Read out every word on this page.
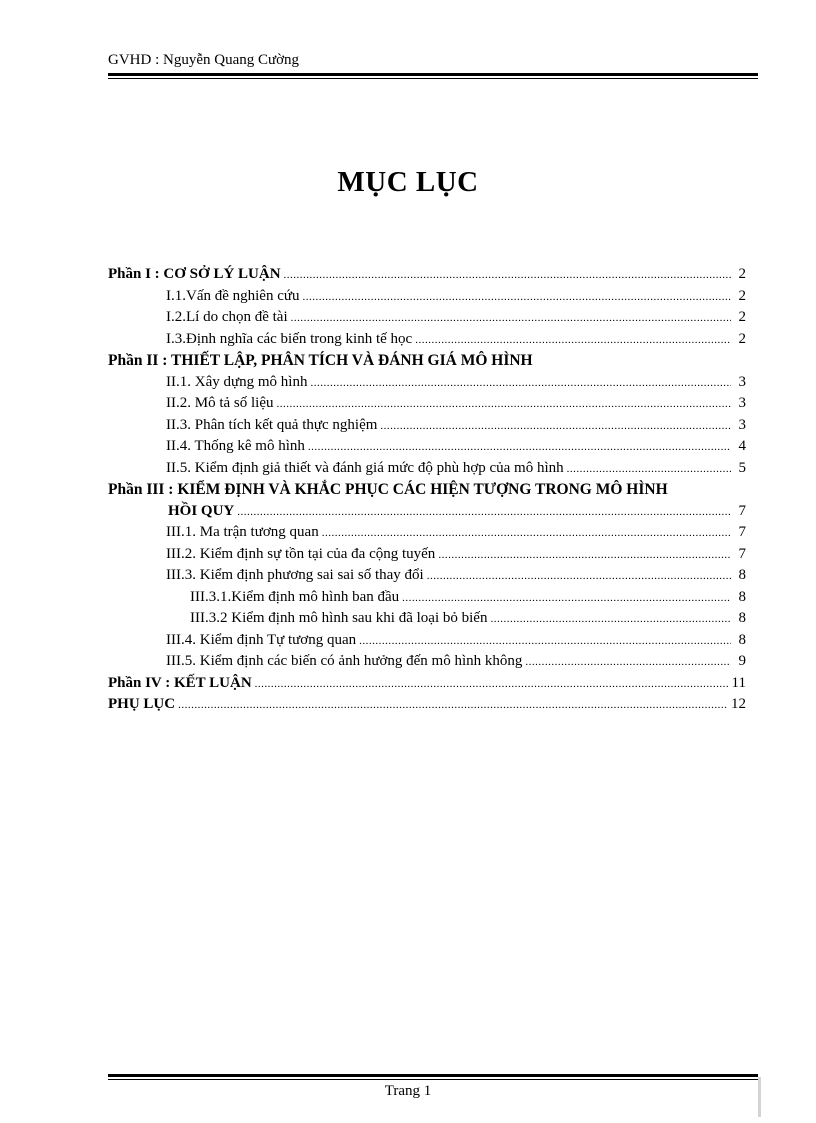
GVHD : Nguyễn Quang Cường
MỤC LỤC
Phần I : CƠ SỞ LÝ LUẬN .....	2
I.1.Vấn đề nghiên cứu .....	2
I.2.Lí do chọn đề tài .....	2
I.3.Định nghĩa các biến trong kinh tế học .....	2
Phần II : THIẾT LẬP, PHÂN TÍCH VÀ ĐÁNH GIÁ MÔ HÌNH
II.1. Xây dựng mô hình .....	3
II.2. Mô tả số liệu .....	3
II.3. Phân tích kết quả thực nghiệm .....	3
II.4. Thống kê mô hình .....	4
II.5. Kiểm định giả thiết và đánh giá mức độ phù hợp của mô hình .....	5
Phần III : KIỂM ĐỊNH VÀ KHẮC PHỤC CÁC HIỆN TƯỢNG TRONG MÔ HÌNH
HỒI QUY .....	7
III.1. Ma trận tương quan .....	7
III.2. Kiểm định sự tồn tại của đa cộng tuyến .....	7
III.3. Kiểm định phương sai sai số thay đổi .....	8
III.3.1.Kiểm định mô hình ban đầu .....	8
III.3.2 Kiểm định mô hình sau khi đã loại bỏ biến .....	8
III.4. Kiểm định Tự tương quan .....	8
III.5. Kiểm định các biến có ảnh hưởng đến mô hình không .....	9
Phần IV : KẾT LUẬN .....	11
PHỤ LỤC .....	12
Trang 1
